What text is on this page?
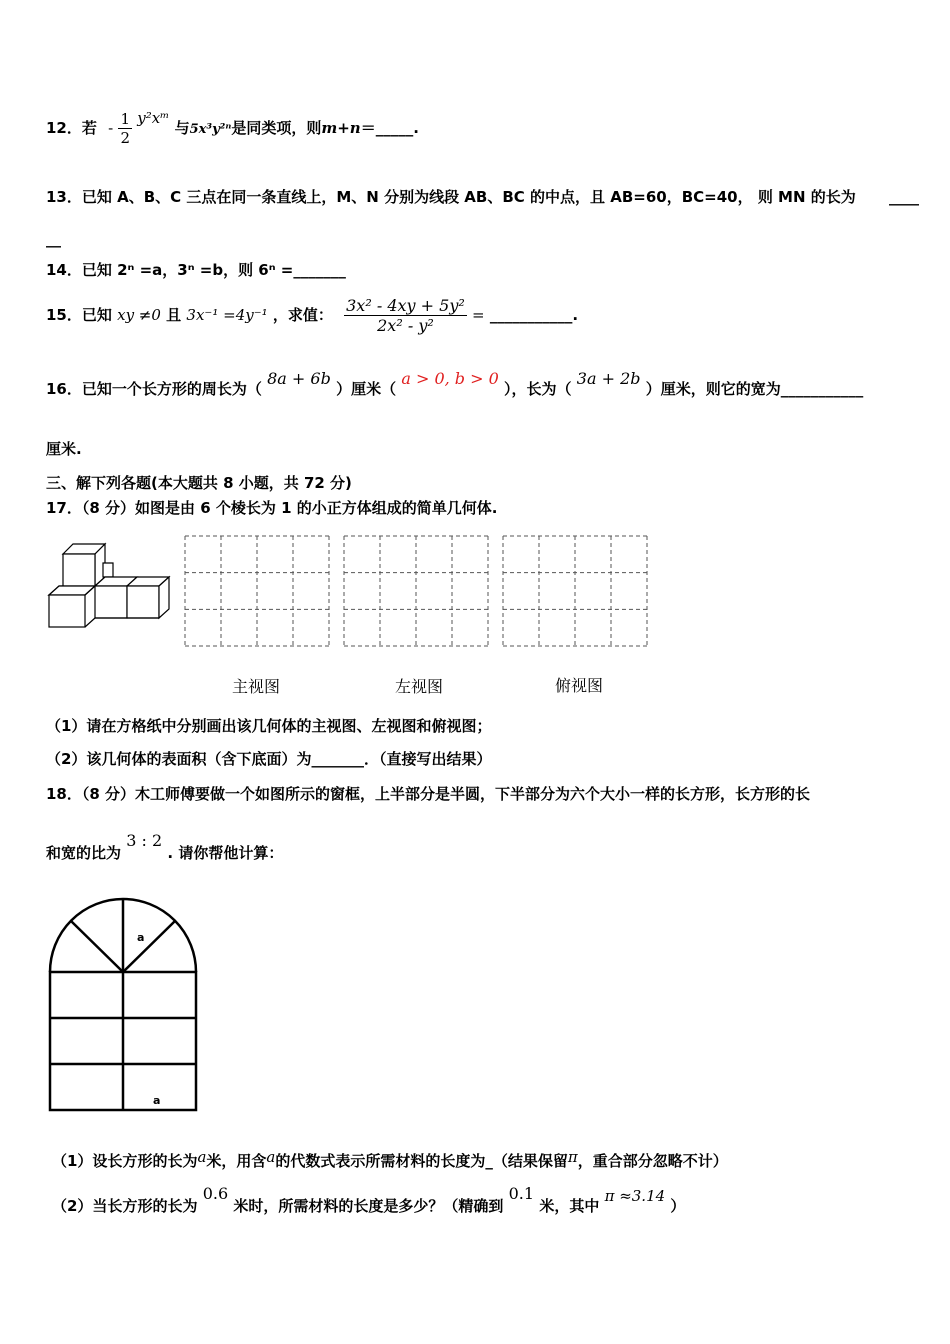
12．若 - $\frac{1}{2}$ y²xᵐ 与5x³y²ⁿ是同类项，则m+n＝_____.
13．已知 A、B、C 三点在同一条直线上，M、N 分别为线段 AB、BC 的中点，且 AB=60，BC=40， 则 MN 的长为 ____
__
14．已知 2ⁿ =a，3ⁿ =b，则 6ⁿ =_______
15．已知 xy ≠0 且 3x⁻¹ =4y⁻¹ ，求值： $\frac{\text{3x² - 4xy + 5y²}}{\text{2x² - y²}}$ = ___________.
16．已知一个长方形的周长为（ 8a + 6b ）厘米（ a > 0, b > 0 ），长为（ 3a + 2b ）厘米，则它的宽为___________
厘米.
三、解下列各题(本大题共 8 小题，共 72 分)
17．（8 分）如图是由 6 个棱长为 1 的小正方体组成的简单几何体.
主视图	左视图	俯视图
（1）请在方格纸中分别画出该几何体的主视图、左视图和俯视图；
（2）该几何体的表面积（含下底面）为_______．（直接写出结果）
18．（8 分）木工师傅要做一个如图所示的窗框，上半部分是半圆，下半部分为六个大小一样的长方形，长方形的长
和宽的比为 3 : 2 . 请你帮他计算：
a
a
（1）设长方形的长为a米，用含a的代数式表示所需材料的长度为_（结果保留π，重合部分忽略不计）
（2）当长方形的长为 0.6 米时，所需材料的长度是多少？（精确到 0.1 米，其中 π ≈3.14 ）
